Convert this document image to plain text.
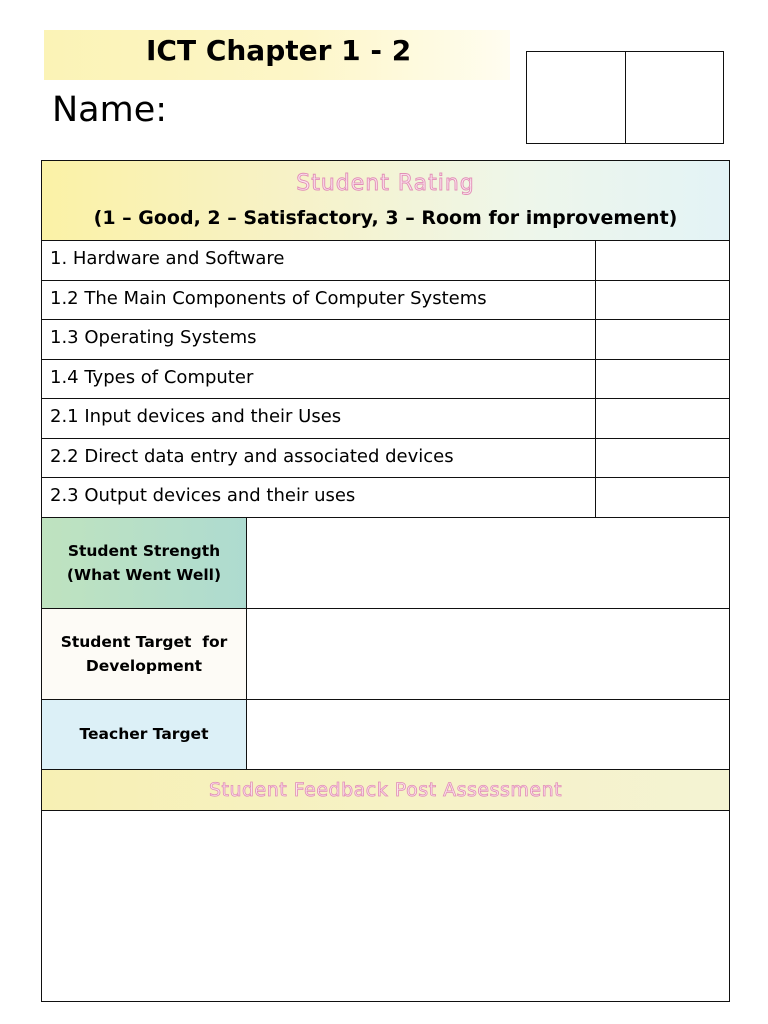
ICT Chapter 1 - 2
Name:
Student Rating
(1 – Good, 2 – Satisfactory, 3 – Room for improvement)
1. Hardware and Software
1.2 The Main Components of Computer Systems
1.3 Operating Systems
1.4 Types of Computer
2.1 Input devices and their Uses
2.2 Direct data entry and associated devices
2.3 Output devices and their uses
Student Strength
(What Went Well)
Student Target  for
Development
Teacher Target
Student Feedback Post Assessment
